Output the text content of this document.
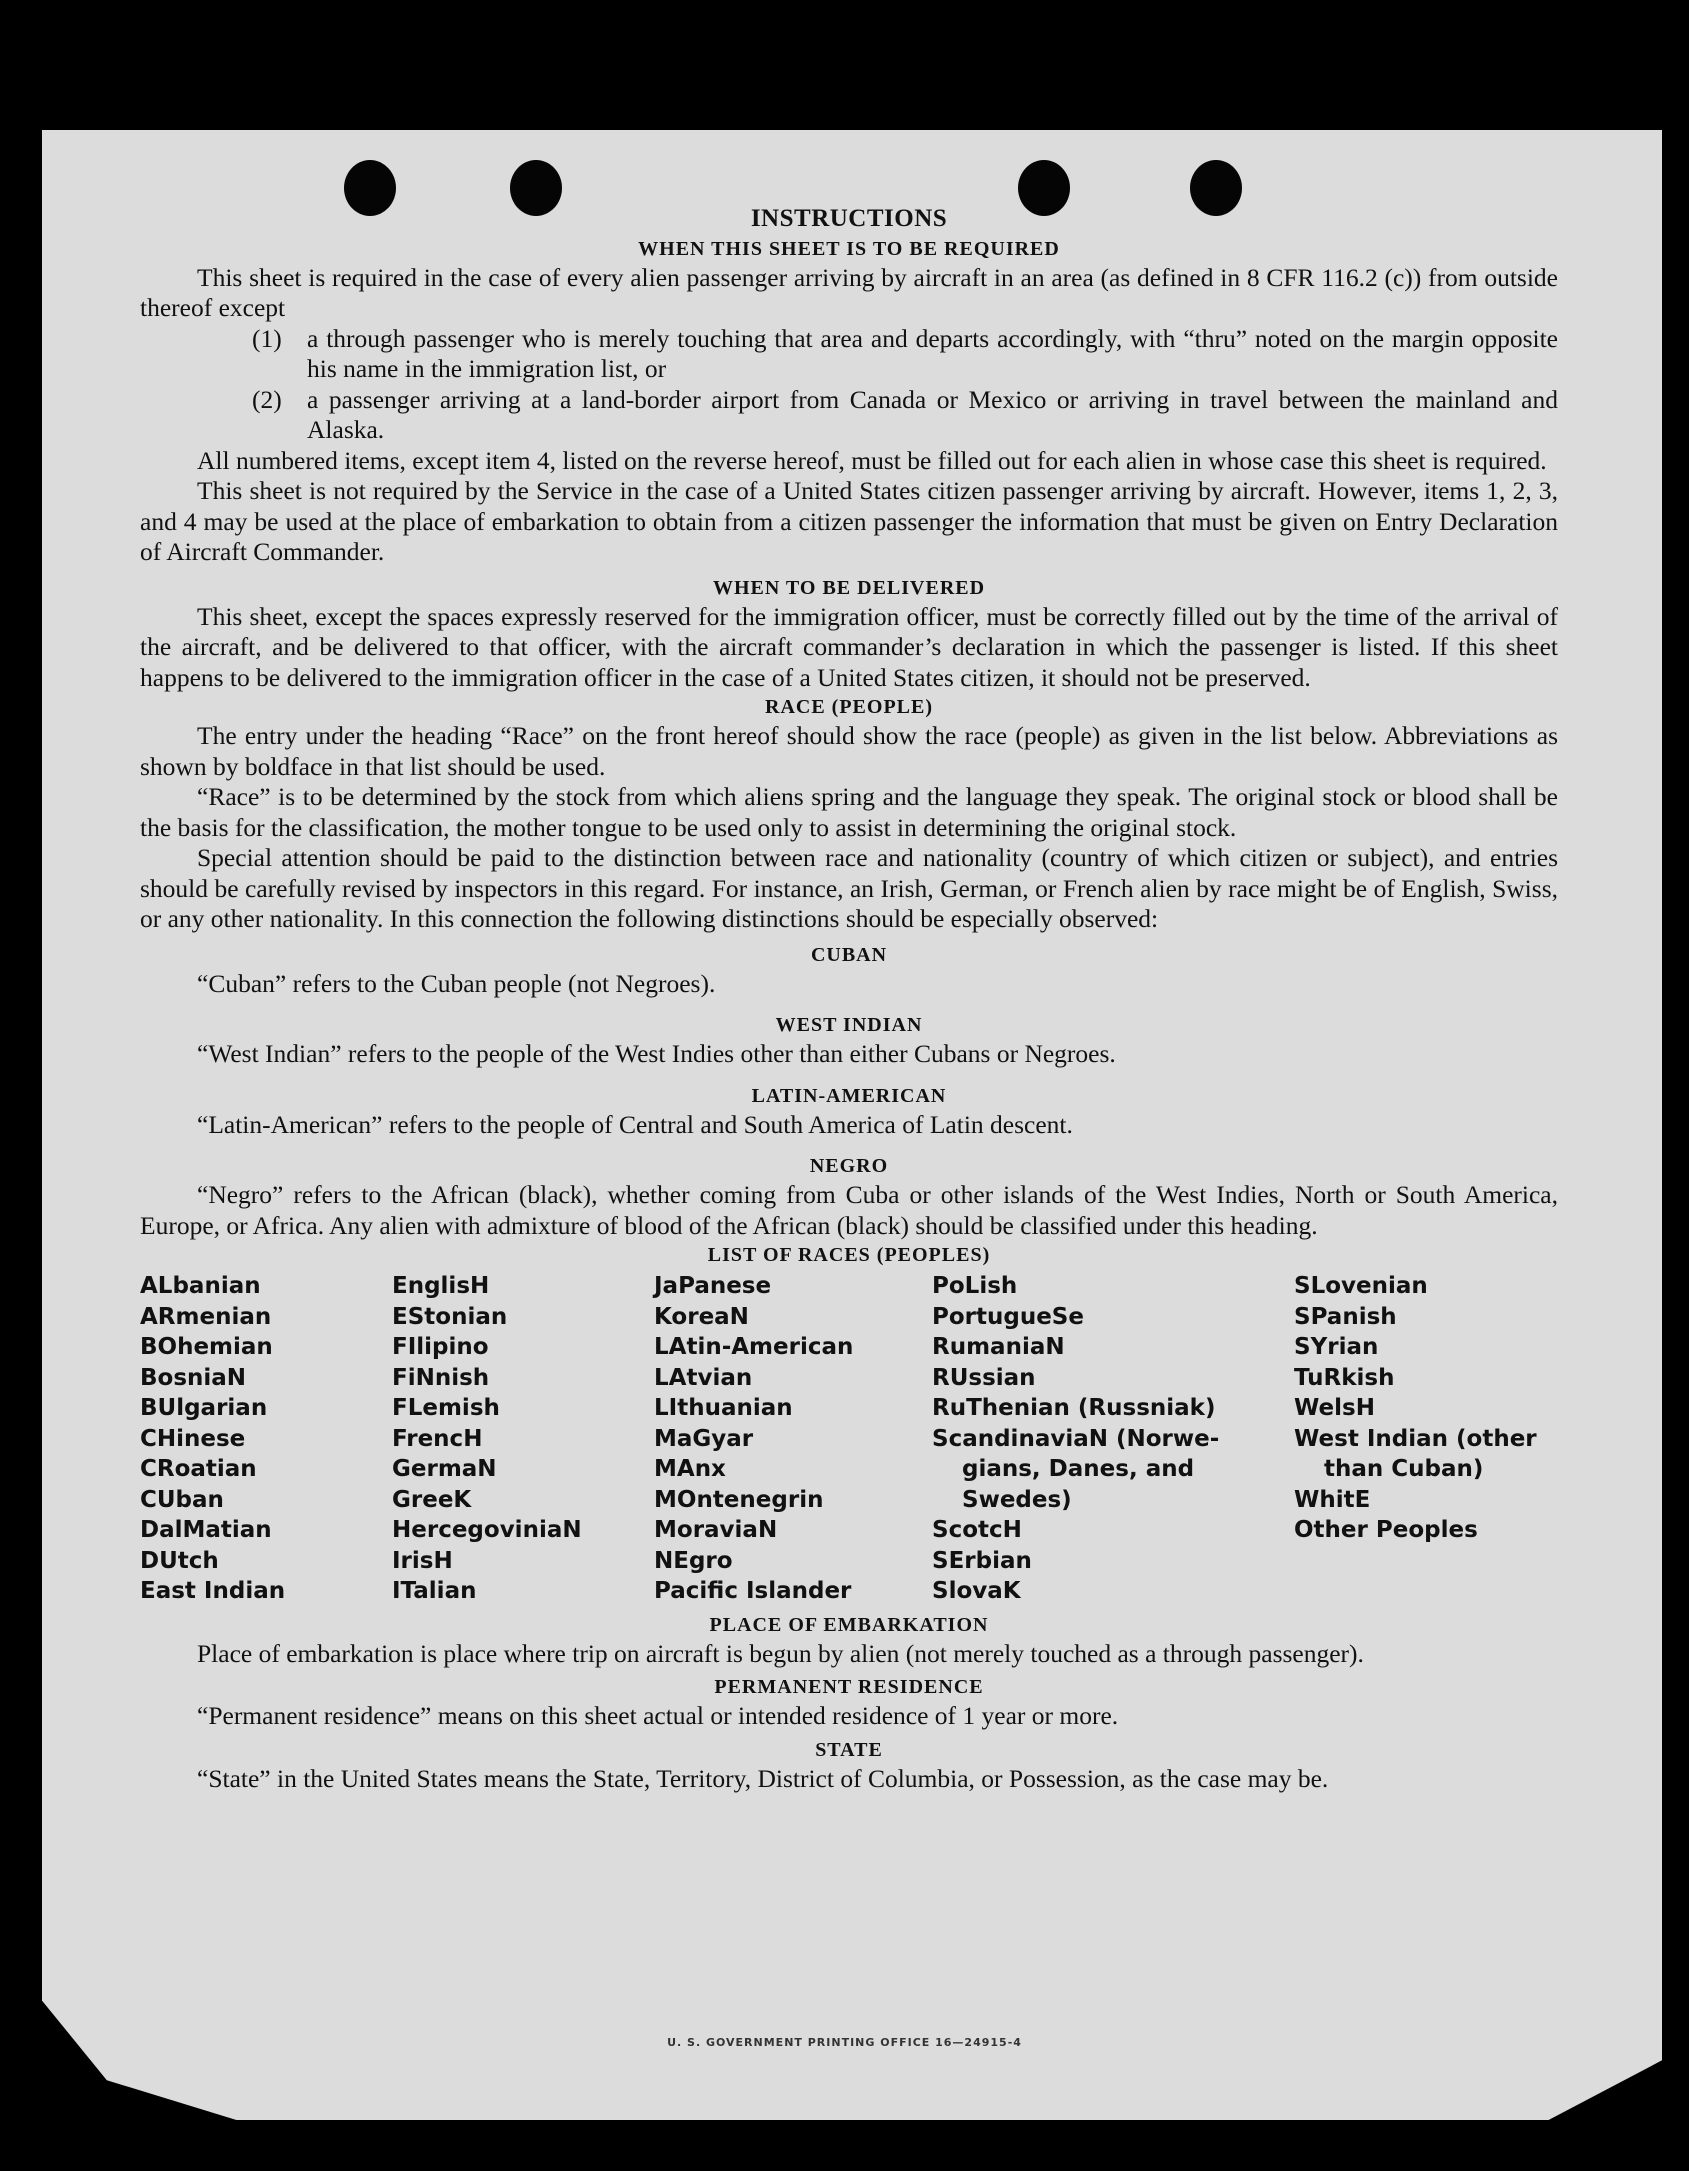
INSTRUCTIONS
WHEN THIS SHEET IS TO BE REQUIRED

This sheet is required in the case of every alien passenger arriving by aircraft in an area (as defined in 8 CFR 116.2 (c)) from outside thereof except

(1) a through passenger who is merely touching that area and departs accordingly, with “thru” noted on the margin opposite his name in the immigration list, or
(2) a passenger arriving at a land-border airport from Canada or Mexico or arriving in travel between the mainland and Alaska.

All numbered items, except item 4, listed on the reverse hereof, must be filled out for each alien in whose case this sheet is required.

This sheet is not required by the Service in the case of a United States citizen passenger arriving by aircraft. However, items 1, 2, 3, and 4 may be used at the place of embarkation to obtain from a citizen passenger the information that must be given on Entry Declaration of Aircraft Commander.

WHEN TO BE DELIVERED

This sheet, except the spaces expressly reserved for the immigration officer, must be correctly filled out by the time of the arrival of the aircraft, and be delivered to that officer, with the aircraft commander’s declaration in which the passenger is listed. If this sheet happens to be delivered to the immigration officer in the case of a United States citizen, it should not be preserved.

RACE (PEOPLE)

The entry under the heading “Race” on the front hereof should show the race (people) as given in the list below. Abbreviations as shown by boldface in that list should be used.

“Race” is to be determined by the stock from which aliens spring and the language they speak. The original stock or blood shall be the basis for the classification, the mother tongue to be used only to assist in determining the original stock.

Special attention should be paid to the distinction between race and nationality (country of which citizen or subject), and entries should be carefully revised by inspectors in this regard. For instance, an Irish, German, or French alien by race might be of English, Swiss, or any other nationality. In this connection the following distinctions should be especially observed:

CUBAN

“Cuban” refers to the Cuban people (not Negroes).

WEST INDIAN

“West Indian” refers to the people of the West Indies other than either Cubans or Negroes.

LATIN-AMERICAN

“Latin-American” refers to the people of Central and South America of Latin descent.

NEGRO

“Negro” refers to the African (black), whether coming from Cuba or other islands of the West Indies, North or South America, Europe, or Africa. Any alien with admixture of blood of the African (black) should be classified under this heading.

LIST OF RACES (PEOPLES)
ALbanian
ARmenian
BOhemian
BosniaN
BUlgarian
CHinese
CRoatian
CUban
DalMatian
DUtch
East Indian
EnglisH
EStonian
FIlipino
FiNnish
FLemish
FrencH
GermaN
GreeK
HercegovinіaN
IrisH
ITalian
JaPanese
KoreaN
LAtin-American
LAtvian
LIthuanian
MaGyar
MAnx
MOntenegrin
MoraviaN
NEgro
Pacific Islander
PoLish
PortugueSe
RumaniaN
RUssian
RuThenian (Russniak)
ScandinaviaN (Norwe-
gians, Danes, and
Swedes)
ScotcH
SErbian
SlovaK
SLovenian
SPanish
SYrian
TuRkish
WelsH
West Indian (other
than Cuban)
WhitE
Other Peoples
PLACE OF EMBARKATION

Place of embarkation is place where trip on aircraft is begun by alien (not merely touched as a through passenger).

PERMANENT RESIDENCE

“Permanent residence” means on this sheet actual or intended residence of 1 year or more.

STATE

“State” in the United States means the State, Territory, District of Columbia, or Possession, as the case may be.

U. S. GOVERNMENT PRINTING OFFICE 16—24915-4
